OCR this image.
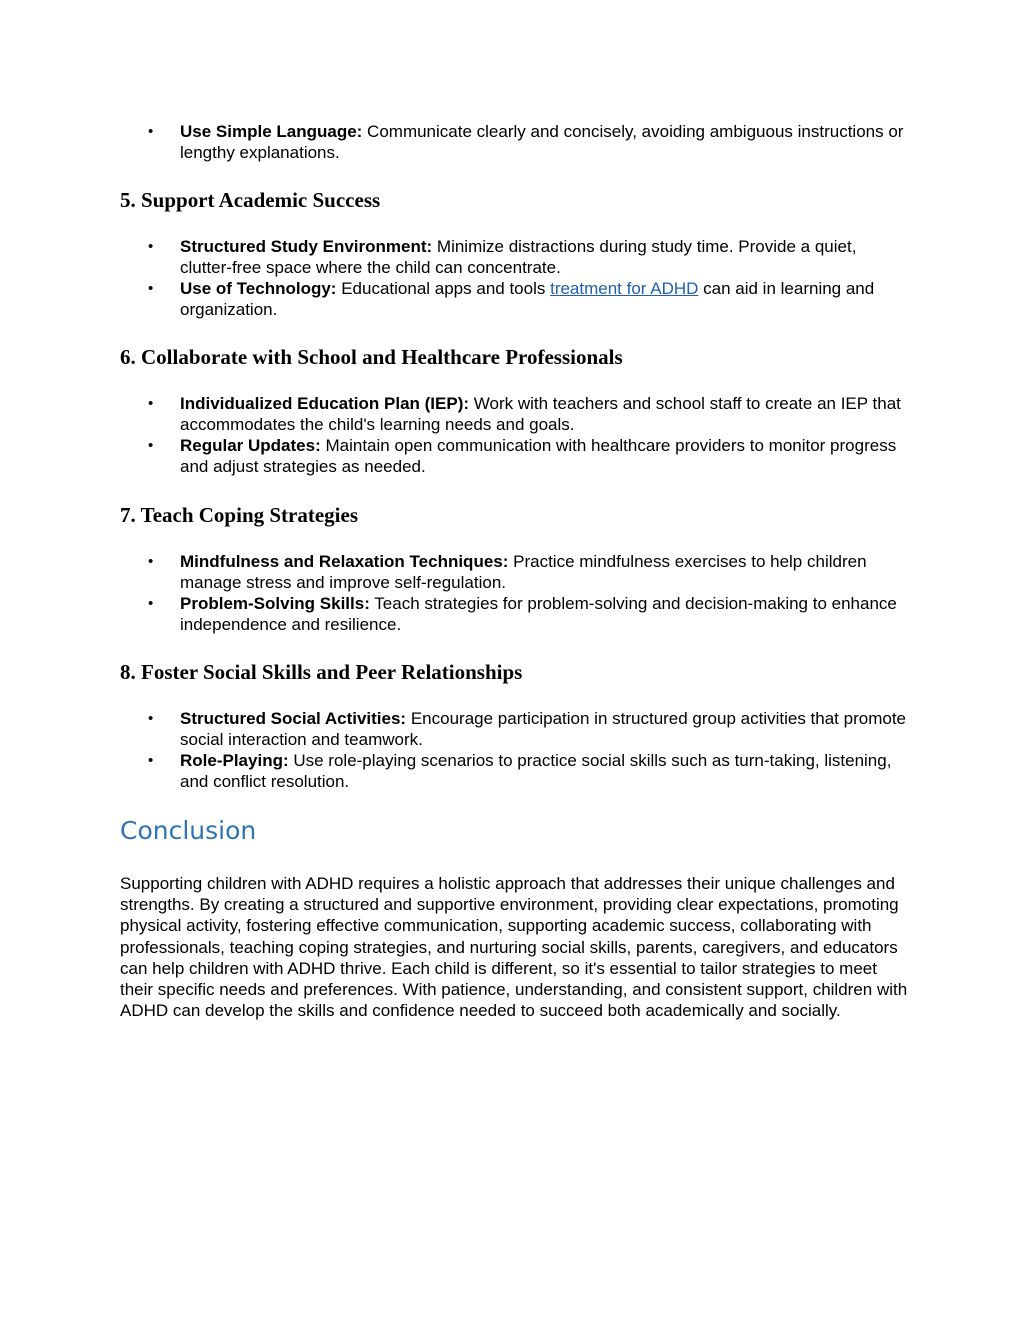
• Use Simple Language: Communicate clearly and concisely, avoiding ambiguous instructions or lengthy explanations.
5. Support Academic Success
• Structured Study Environment: Minimize distractions during study time. Provide a quiet, clutter-free space where the child can concentrate.
• Use of Technology: Educational apps and tools treatment for ADHD can aid in learning and organization.
6. Collaborate with School and Healthcare Professionals
• Individualized Education Plan (IEP): Work with teachers and school staff to create an IEP that accommodates the child's learning needs and goals.
• Regular Updates: Maintain open communication with healthcare providers to monitor progress and adjust strategies as needed.
7. Teach Coping Strategies
• Mindfulness and Relaxation Techniques: Practice mindfulness exercises to help children manage stress and improve self-regulation.
• Problem-Solving Skills: Teach strategies for problem-solving and decision-making to enhance independence and resilience.
8. Foster Social Skills and Peer Relationships
• Structured Social Activities: Encourage participation in structured group activities that promote social interaction and teamwork.
• Role-Playing: Use role-playing scenarios to practice social skills such as turn-taking, listening, and conflict resolution.
Conclusion

Supporting children with ADHD requires a holistic approach that addresses their unique challenges and strengths. By creating a structured and supportive environment, providing clear expectations, promoting physical activity, fostering effective communication, supporting academic success, collaborating with professionals, teaching coping strategies, and nurturing social skills, parents, caregivers, and educators can help children with ADHD thrive. Each child is different, so it's essential to tailor strategies to meet their specific needs and preferences. With patience, understanding, and consistent support, children with ADHD can develop the skills and confidence needed to succeed both academically and socially.
